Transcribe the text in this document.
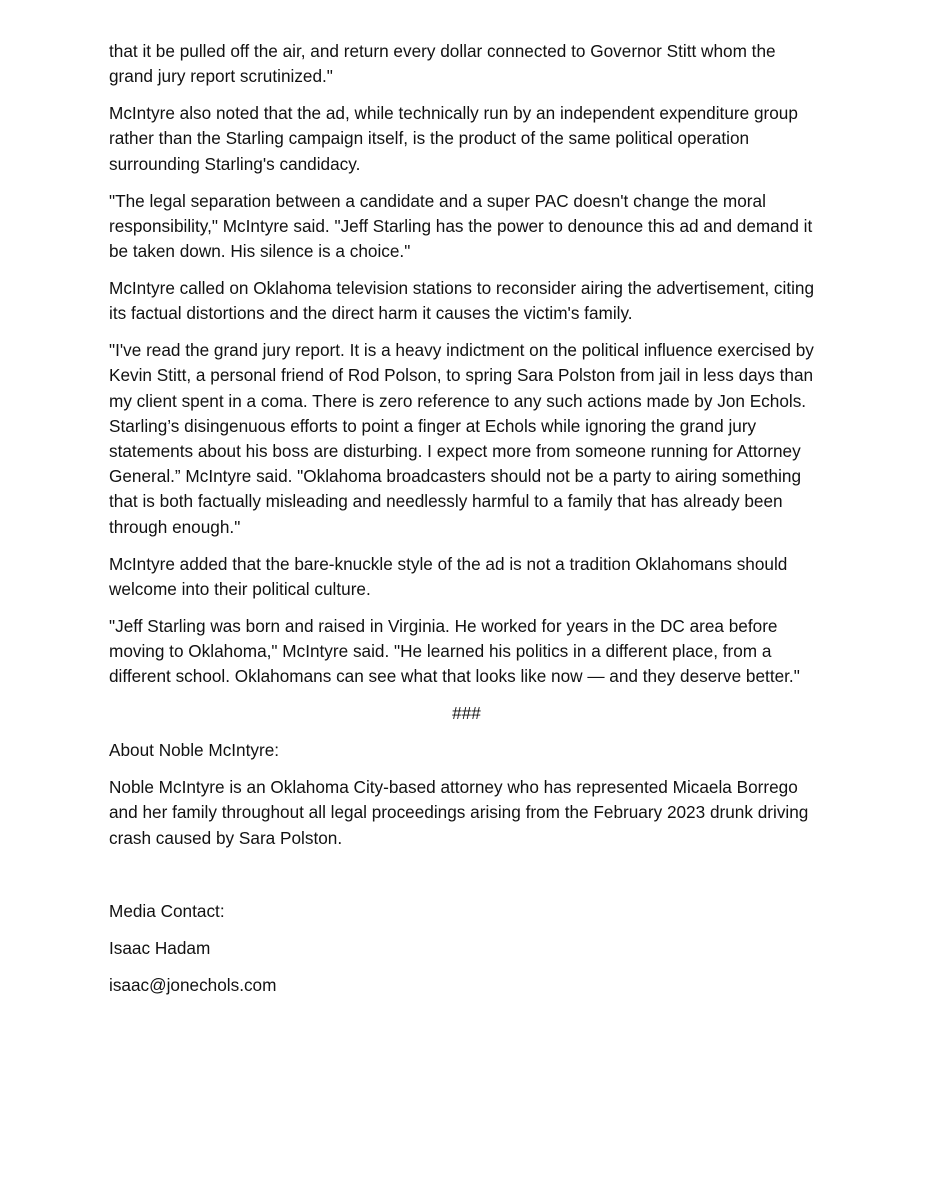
that it be pulled off the air, and return every dollar connected to Governor Stitt whom the grand jury report scrutinized."

McIntyre also noted that the ad, while technically run by an independent expenditure group rather than the Starling campaign itself, is the product of the same political operation surrounding Starling's candidacy.

"The legal separation between a candidate and a super PAC doesn't change the moral responsibility," McIntyre said. "Jeff Starling has the power to denounce this ad and demand it be taken down. His silence is a choice."

McIntyre called on Oklahoma television stations to reconsider airing the advertisement, citing its factual distortions and the direct harm it causes the victim's family.

"I've read the grand jury report. It is a heavy indictment on the political influence exercised by Kevin Stitt, a personal friend of Rod Polson, to spring Sara Polston from jail in less days than my client spent in a coma. There is zero reference to any such actions made by Jon Echols. Starling’s disingenuous efforts to point a finger at Echols while ignoring the grand jury statements about his boss are disturbing. I expect more from someone running for Attorney General.” McIntyre said. "Oklahoma broadcasters should not be a party to airing something that is both factually misleading and needlessly harmful to a family that has already been through enough."

McIntyre added that the bare-knuckle style of the ad is not a tradition Oklahomans should welcome into their political culture.

"Jeff Starling was born and raised in Virginia. He worked for years in the DC area before moving to Oklahoma," McIntyre said. "He learned his politics in a different place, from a different school. Oklahomans can see what that looks like now — and they deserve better."

###

About Noble McIntyre:

Noble McIntyre is an Oklahoma City-based attorney who has represented Micaela Borrego and her family throughout all legal proceedings arising from the February 2023 drunk driving crash caused by Sara Polston.

Media Contact:

Isaac Hadam

isaac@jonechols.com
